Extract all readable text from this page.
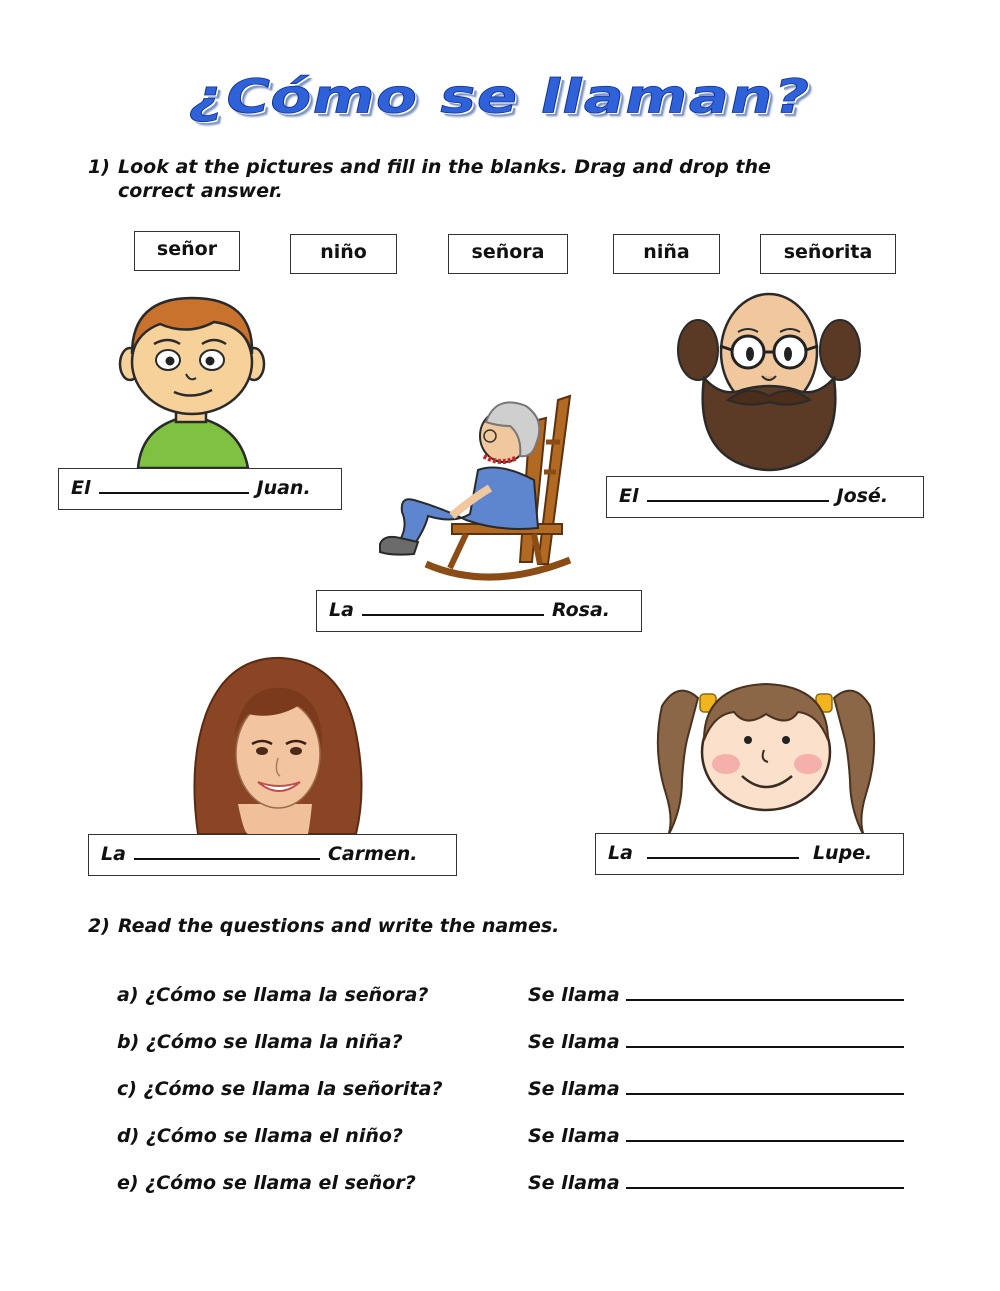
¿Cómo se llaman?
1) Look at the pictures and fill in the blanks. Drag and drop the
correct answer.
señor	niño	señora	niña	señorita
El	Juan.	El	José.
La	Rosa.
La	Carmen.	La	Lupe.
2) Read the questions and write the names.
a) ¿Cómo se llama la señora?	Se llama
b) ¿Cómo se llama la niña?	Se llama
c) ¿Cómo se llama la señorita?	Se llama
d) ¿Cómo se llama el niño?	Se llama
e) ¿Cómo se llama el señor?	Se llama
